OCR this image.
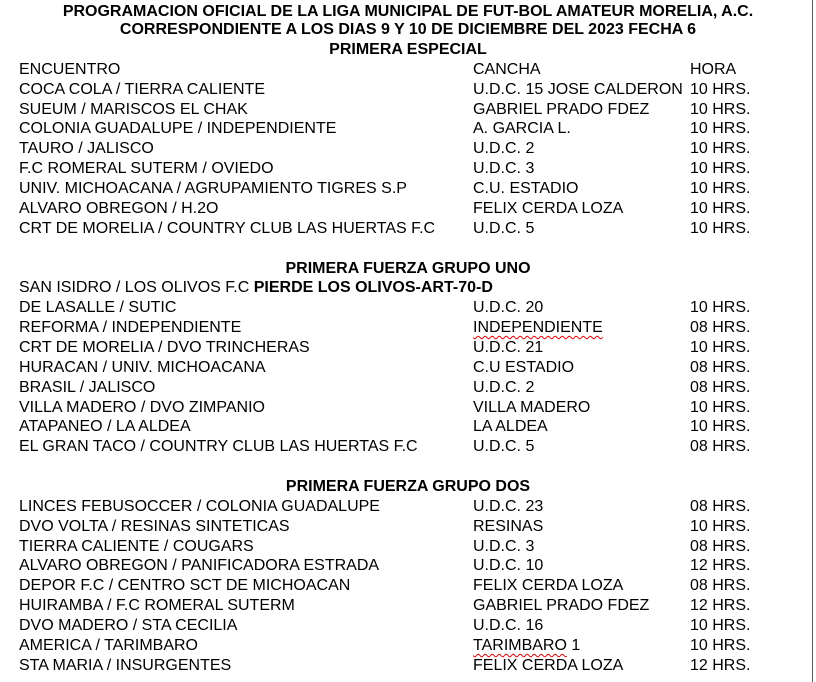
PROGRAMACION OFICIAL DE LA LIGA MUNICIPAL DE FUT-BOL AMATEUR MORELIA, A.C.
CORRESPONDIENTE A LOS DIAS 9 Y 10 DE DICIEMBRE DEL 2023 FECHA 6
PRIMERA ESPECIAL
ENCUENTRO	CANCHA	HORA
COCA COLA / TIERRA CALIENTE	U.D.C. 15 JOSE CALDERON 10 HRS.
SUEUM / MARISCOS EL CHAK	GABRIEL PRADO FDEZ	10 HRS.
COLONIA GUADALUPE / INDEPENDIENTE	A. GARCIA L.	10 HRS.
TAURO / JALISCO	U.D.C. 2	10 HRS.
F.C ROMERAL SUTERM / OVIEDO	U.D.C. 3	10 HRS.
UNIV. MICHOACANA / AGRUPAMIENTO TIGRES S.P	C.U. ESTADIO	10 HRS.
ALVARO OBREGON / H.2O	FELIX CERDA LOZA	10 HRS.
CRT DE MORELIA / COUNTRY CLUB LAS HUERTAS F.C	U.D.C. 5	10 HRS.
PRIMERA FUERZA GRUPO UNO
SAN ISIDRO / LOS OLIVOS F.C PIERDE LOS OLIVOS-ART-70-D
DE LASALLE / SUTIC	U.D.C. 20	10 HRS.
REFORMA / INDEPENDIENTE	INDEPENDIENTE	08 HRS.
CRT DE MORELIA / DVO TRINCHERAS	U.D.C. 21	10 HRS.
HURACAN / UNIV. MICHOACANA	C.U ESTADIO	08 HRS.
BRASIL / JALISCO	U.D.C. 2	08 HRS.
VILLA MADERO / DVO ZIMPANIO	VILLA MADERO	10 HRS.
ATAPANEO / LA ALDEA	LA ALDEA	10 HRS.
EL GRAN TACO / COUNTRY CLUB LAS HUERTAS F.C	U.D.C. 5	08 HRS.
PRIMERA FUERZA GRUPO DOS
LINCES FEBUSOCCER / COLONIA GUADALUPE	U.D.C. 23	08 HRS.
DVO VOLTA / RESINAS SINTETICAS	RESINAS	10 HRS.
TIERRA CALIENTE / COUGARS	U.D.C. 3	08 HRS.
ALVARO OBREGON / PANIFICADORA ESTRADA	U.D.C. 10	12 HRS.
DEPOR F.C / CENTRO SCT DE MICHOACAN	FELIX CERDA LOZA	08 HRS.
HUIRAMBA / F.C ROMERAL SUTERM	GABRIEL PRADO FDEZ	12 HRS.
DVO MADERO / STA CECILIA	U.D.C. 16	10 HRS.
AMERICA / TARIMBARO	TARIMBARO 1	10 HRS.
STA MARIA / INSURGENTES	FELIX CERDA LOZA	12 HRS.
